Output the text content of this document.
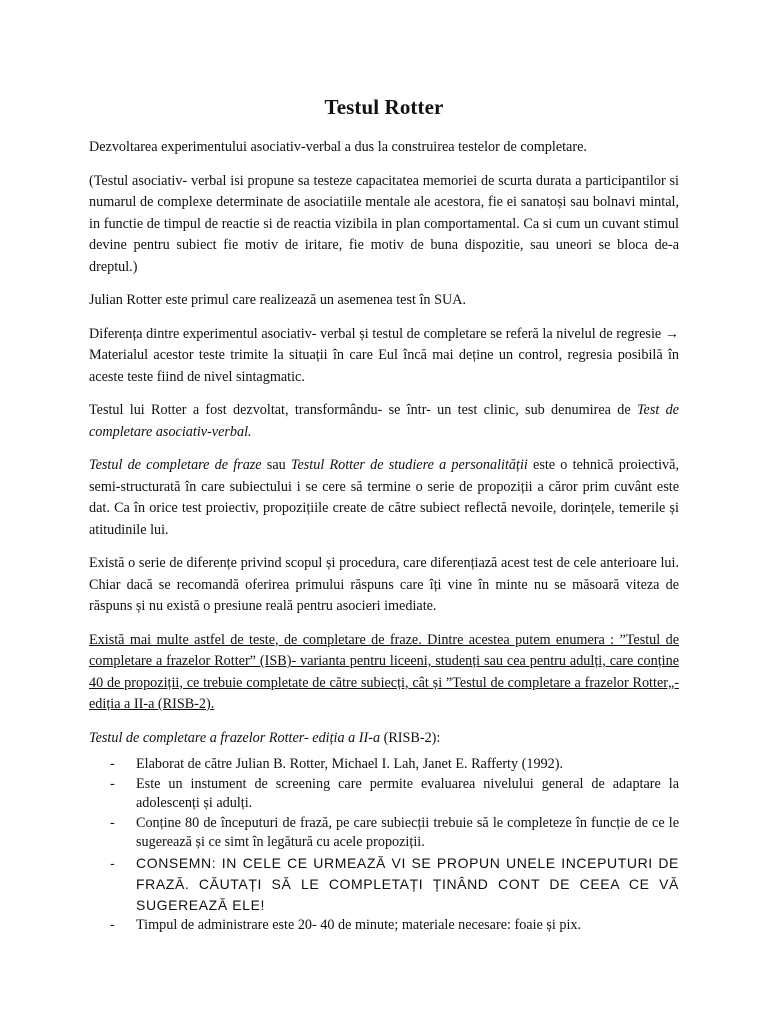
Testul Rotter

Dezvoltarea experimentului asociativ-verbal a dus la construirea testelor de completare.

(Testul asociativ- verbal isi propune sa testeze capacitatea memoriei de scurta durata a participantilor si numarul de complexe determinate de asociatiile mentale ale acestora, fie ei sanatoși sau bolnavi mintal, in functie de timpul de reactie si de reactia vizibila in plan comportamental. Ca si cum un cuvant stimul devine pentru subiect fie motiv de iritare, fie motiv de buna dispozitie, sau uneori se bloca de-a dreptul.)

Julian Rotter este primul care realizează un asemenea test în SUA.

Diferența dintre experimentul asociativ- verbal și testul de completare se referă la nivelul de regresie → Materialul acestor teste trimite la situații în care Eul încă mai deține un control, regresia posibilă în aceste teste fiind de nivel sintagmatic.

Testul lui Rotter a fost dezvoltat, transformându- se într- un test clinic, sub denumirea de Test de completare asociativ-verbal.

Testul de completare de fraze sau Testul Rotter de studiere a personalității este o tehnică proiectivă, semi-structurată în care subiectului i se cere să termine o serie de propoziții a căror prim cuvânt este dat. Ca în orice test proiectiv, propozițiile create de către subiect reflectă nevoile, dorințele, temerile și atitudinile lui.

Există o serie de diferențe privind scopul și procedura, care diferențiază acest test de cele anterioare lui. Chiar dacă se recomandă oferirea primului răspuns care îți vine în minte nu se măsoară viteza de răspuns și nu există o presiune reală pentru asocieri imediate.

Există mai multe astfel de teste, de completare de fraze. Dintre acestea putem enumera : ”Testul de completare a frazelor Rotter” (ISB)- varianta pentru liceeni, studenți sau cea pentru adulți, care conține 40 de propoziții, ce trebuie completate de către subiecți, cât și ”Testul de completare a frazelor Rotter„- ediția a II-a (RISB-2).

Testul de completare a frazelor Rotter- ediția a II-a (RISB-2):

- Elaborat de către Julian B. Rotter, Michael I. Lah, Janet E. Rafferty (1992).
- Este un instument de screening care permite evaluarea nivelului general de adaptare la adolescenți și adulți.
- Conține 80 de începuturi de frază, pe care subiecții trebuie să le completeze în funcție de ce le sugerează și ce simt în legătură cu acele propoziții.
- CONSEMN: IN CELE CE URMEAZĂ VI SE PROPUN UNELE INCEPUTURI DE FRAZĂ. CĂUTAȚI SĂ LE COMPLETAȚI ȚINÂND CONT DE CEEA CE VĂ SUGEREAZĂ ELE!
- Timpul de administrare este 20- 40 de minute; materiale necesare: foaie și pix.
